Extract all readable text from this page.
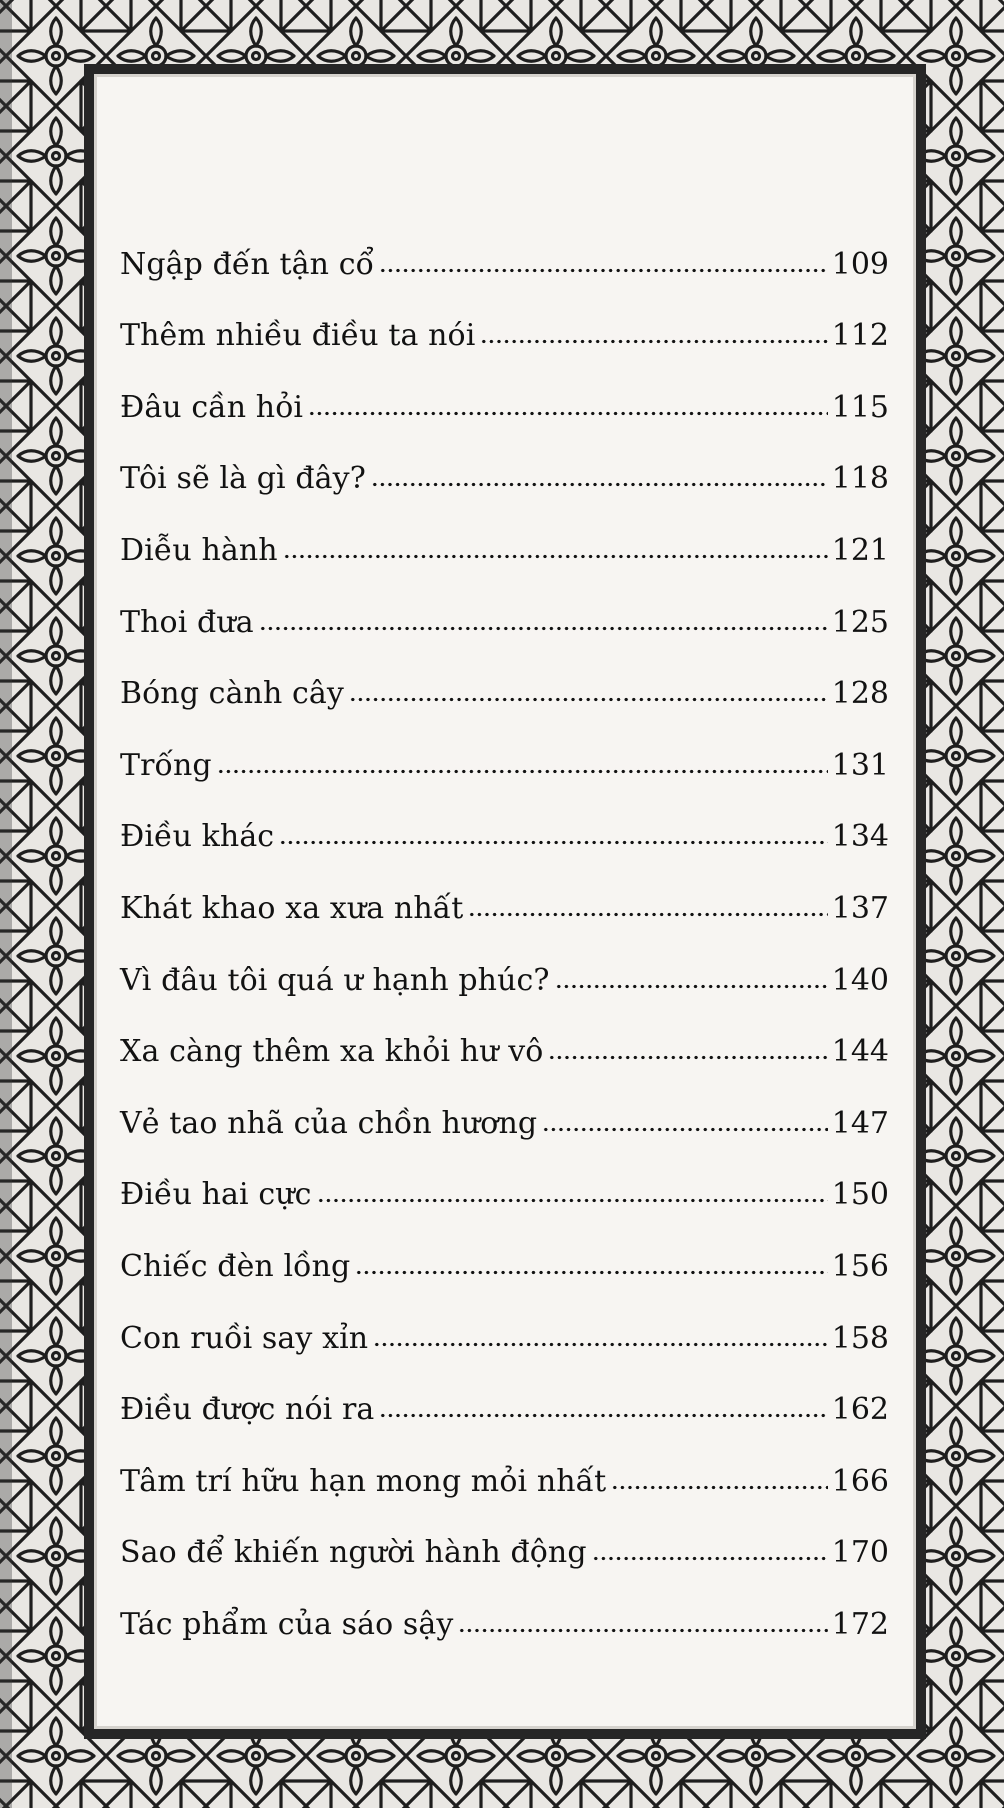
Ngập đến tận cổ	109
Thêm nhiều điều ta nói	112
Đâu cần hỏi	115
Tôi sẽ là gì đây?	118
Diễu hành	121
Thoi đưa	125
Bóng cành cây	128
Trống	131
Điều khác	134
Khát khao xa xưa nhất	137
Vì đâu tôi quá ư hạnh phúc?	140
Xa càng thêm xa khỏi hư vô	144
Vẻ tao nhã của chồn hương	147
Điều hai cực	150
Chiếc đèn lồng	156
Con ruồi say xỉn	158
Điều được nói ra	162
Tâm trí hữu hạn mong mỏi nhất	166
Sao để khiến người hành động	170
Tác phẩm của sáo sậy	172
